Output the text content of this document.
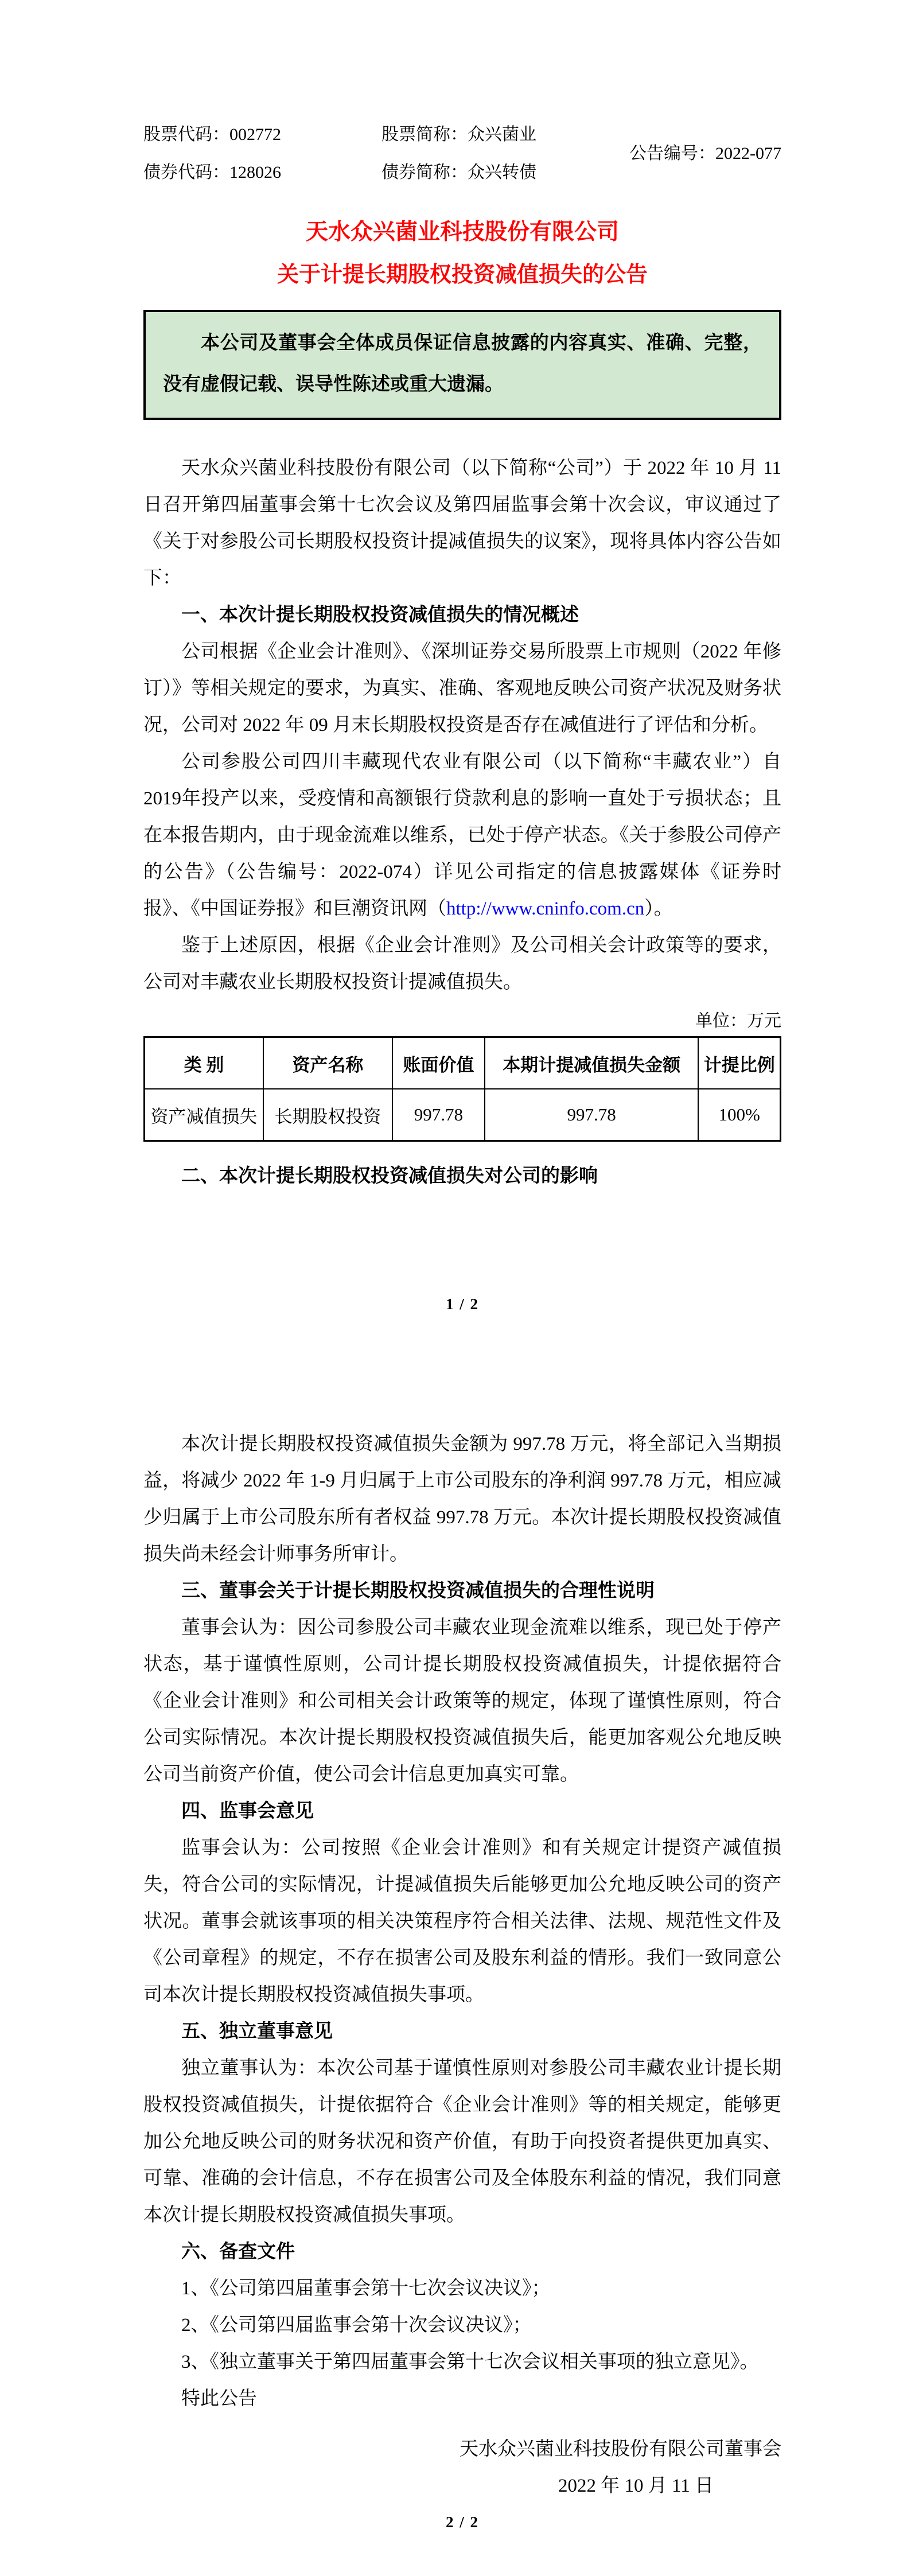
股票代码：002772	股票简称：众兴菌业
债券代码：128026	债券简称：众兴转债
公告编号：2022-077
天水众兴菌业科技股份有限公司
关于计提长期股权投资减值损失的公告

本公司及董事会全体成员保证信息披露的内容真实、准确、完整，没有虚假记载、误导性陈述或重大遗漏。

天水众兴菌业科技股份有限公司（以下简称“公司”）于 2022 年 10 月 11 日召开第四届董事会第十七次会议及第四届监事会第十次会议，审议通过了《关于对参股公司长期股权投资计提减值损失的议案》，现将具体内容公告如下：

一、本次计提长期股权投资减值损失的情况概述

公司根据《企业会计准则》、《深圳证券交易所股票上市规则（2022 年修订）》等相关规定的要求，为真实、准确、客观地反映公司资产状况及财务状况，公司对 2022 年 09 月末长期股权投资是否存在减值进行了评估和分析。

公司参股公司四川丰藏现代农业有限公司（以下简称“丰藏农业”）自2019年投产以来，受疫情和高额银行贷款利息的影响一直处于亏损状态；且在本报告期内，由于现金流难以维系，已处于停产状态。《关于参股公司停产的公告》（公告编号：2022-074）详见公司指定的信息披露媒体《证券时报》、《中国证券报》和巨潮资讯网（http://www.cninfo.com.cn）。

鉴于上述原因，根据《企业会计准则》及公司相关会计政策等的要求，公司对丰藏农业长期股权投资计提减值损失。

单位：万元
类 别	资产名称	账面价值	本期计提减值损失金额	计提比例
资产减值损失	长期股权投资	997.78	997.78	100%

二、本次计提长期股权投资减值损失对公司的影响

1 / 2

本次计提长期股权投资减值损失金额为 997.78 万元，将全部记入当期损益，将减少 2022 年 1-9 月归属于上市公司股东的净利润 997.78 万元，相应减少归属于上市公司股东所有者权益 997.78 万元。本次计提长期股权投资减值损失尚未经会计师事务所审计。

三、董事会关于计提长期股权投资减值损失的合理性说明

董事会认为：因公司参股公司丰藏农业现金流难以维系，现已处于停产状态，基于谨慎性原则，公司计提长期股权投资减值损失，计提依据符合《企业会计准则》和公司相关会计政策等的规定，体现了谨慎性原则，符合公司实际情况。本次计提长期股权投资减值损失后，能更加客观公允地反映公司当前资产价值，使公司会计信息更加真实可靠。

四、监事会意见

监事会认为：公司按照《企业会计准则》和有关规定计提资产减值损失，符合公司的实际情况，计提减值损失后能够更加公允地反映公司的资产状况。董事会就该事项的相关决策程序符合相关法律、法规、规范性文件及《公司章程》的规定，不存在损害公司及股东利益的情形。我们一致同意公司本次计提长期股权投资减值损失事项。

五、独立董事意见

独立董事认为：本次公司基于谨慎性原则对参股公司丰藏农业计提长期股权投资减值损失，计提依据符合《企业会计准则》等的相关规定，能够更加公允地反映公司的财务状况和资产价值，有助于向投资者提供更加真实、可靠、准确的会计信息，不存在损害公司及全体股东利益的情况，我们同意本次计提长期股权投资减值损失事项。

六、备查文件

1、《公司第四届董事会第十七次会议决议》；

2、《公司第四届监事会第十次会议决议》；

3、《独立董事关于第四届董事会第十七次会议相关事项的独立意见》。

特此公告

天水众兴菌业科技股份有限公司董事会
2022 年 10 月 11 日
2 / 2
